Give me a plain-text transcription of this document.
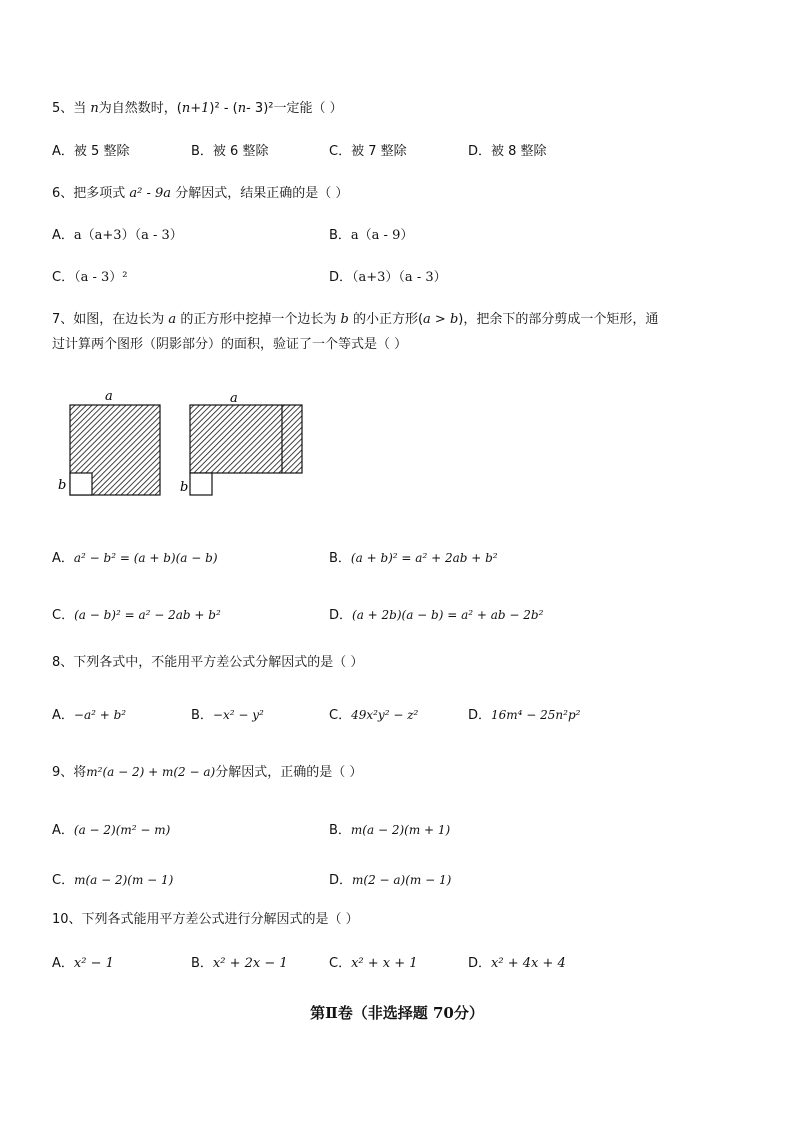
5、当 n为自然数时，(n+1)² - (n- 3)²一定能（ ）
A．被 5 整除	B．被 6 整除	C．被 7 整除	D．被 8 整除
6、把多项式 a² - 9a 分解因式，结果正确的是（ ）
A．a（a+3）（a - 3）	B．a（a - 9）
C．（a - 3）²	D．（a+3）（a - 3）
7、如图，在边长为 a 的正方形中挖掉一个边长为 b 的小正方形(a > b)，把余下的部分剪成一个矩形，通
过计算两个图形（阴影部分）的面积，验证了一个等式是（ ）
a
b
a
b
A．a² − b² = (a + b)(a − b)	B．(a + b)² = a² + 2ab + b²
C．(a − b)² = a² − 2ab + b²	D．(a + 2b)(a − b) = a² + ab − 2b²
8、下列各式中，不能用平方差公式分解因式的是（ ）
A．−a² + b²	B．−x² − y²	C．49x²y² − z²	D．16m⁴ − 25n²p²
9、将m²(a − 2) + m(2 − a)分解因式，正确的是（ ）
A．(a − 2)(m² − m)	B．m(a − 2)(m + 1)
C．m(a − 2)(m − 1)	D．m(2 − a)(m − 1)
10、下列各式能用平方差公式进行分解因式的是（ ）
A．x² − 1	B．x² + 2x − 1	C．x² + x + 1	D．x² + 4x + 4
第Ⅱ卷（非选择题 70分）
